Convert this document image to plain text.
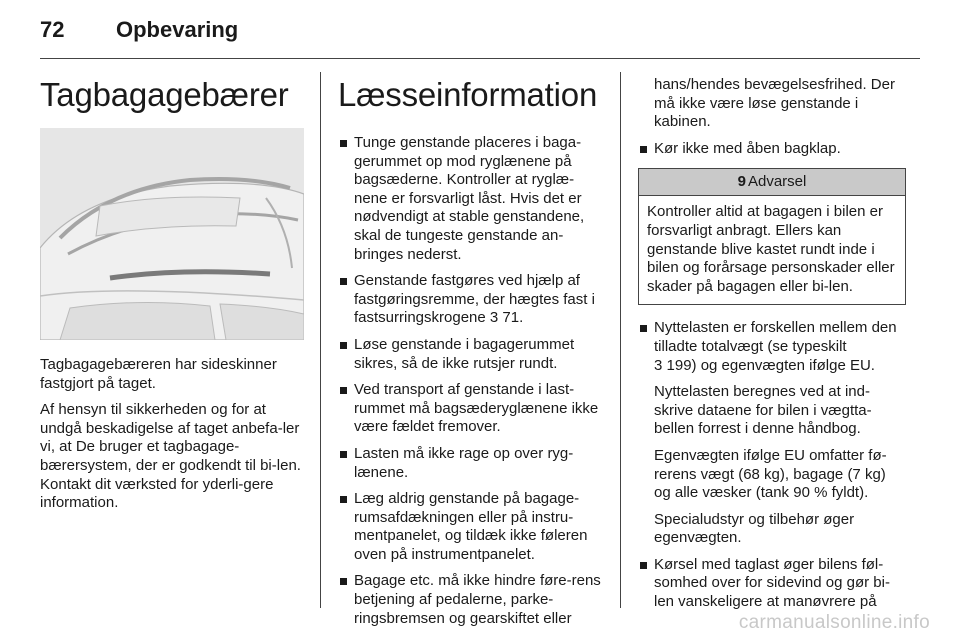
72	Opbevaring
Tagbagagebærer

Tagbagagebæreren har sideskinner fastgjort på taget.

Af hensyn til sikkerheden og for at undgå beskadigelse af taget anbefa-ler vi, at De bruger et tagbagage-bærersystem, der er godkendt til bi-len. Kontakt dit værksted for yderli-gere information.

Læsseinformation
Tunge genstande placeres i baga-gerummet op mod ryglænene på bagsæderne. Kontroller at ryglæ-nene er forsvarligt låst. Hvis det er nødvendigt at stable genstandene, skal de tungeste genstande an-bringes nederst.
Genstande fastgøres ved hjælp af fastgøringsremme, der hægtes fast i fastsurringskrogene 3 71.
Løse genstande i bagagerummet sikres, så de ikke rutsjer rundt.
Ved transport af genstande i last-rummet må bagsæderyglænene ikke være fældet fremover.
Lasten må ikke rage op over ryg-lænene.
Læg aldrig genstande på bagage-rumsafdækningen eller på instru-mentpanelet, og tildæk ikke føleren oven på instrumentpanelet.
Bagage etc. må ikke hindre føre-rens betjening af pedalerne, parke-ringsbremsen og gearskiftet eller
hans/hendes bevægelsesfrihed. Der må ikke være løse genstande i kabinen.
Kør ikke med åben bagklap.
9 Advarsel
Kontroller altid at bagagen i bilen er forsvarligt anbragt. Ellers kan genstande blive kastet rundt inde i bilen og forårsage personskader eller skader på bagagen eller bi-len.
Nyttelasten er forskellen mellem den tilladte totalvægt (se typeskilt
3 199) og egenvægten ifølge EU.
Nyttelasten beregnes ved at ind-skrive dataene for bilen i vægtta-bellen forrest i denne håndbog.
Egenvægten ifølge EU omfatter fø-rerens vægt (68 kg), bagage (7 kg) og alle væsker (tank 90 % fyldt).
Specialudstyr og tilbehør øger egenvægten.
Kørsel med taglast øger bilens føl-somhed over for sidevind og gør bi-len vanskeligere at manøvrere på
carmanualsonline.info
